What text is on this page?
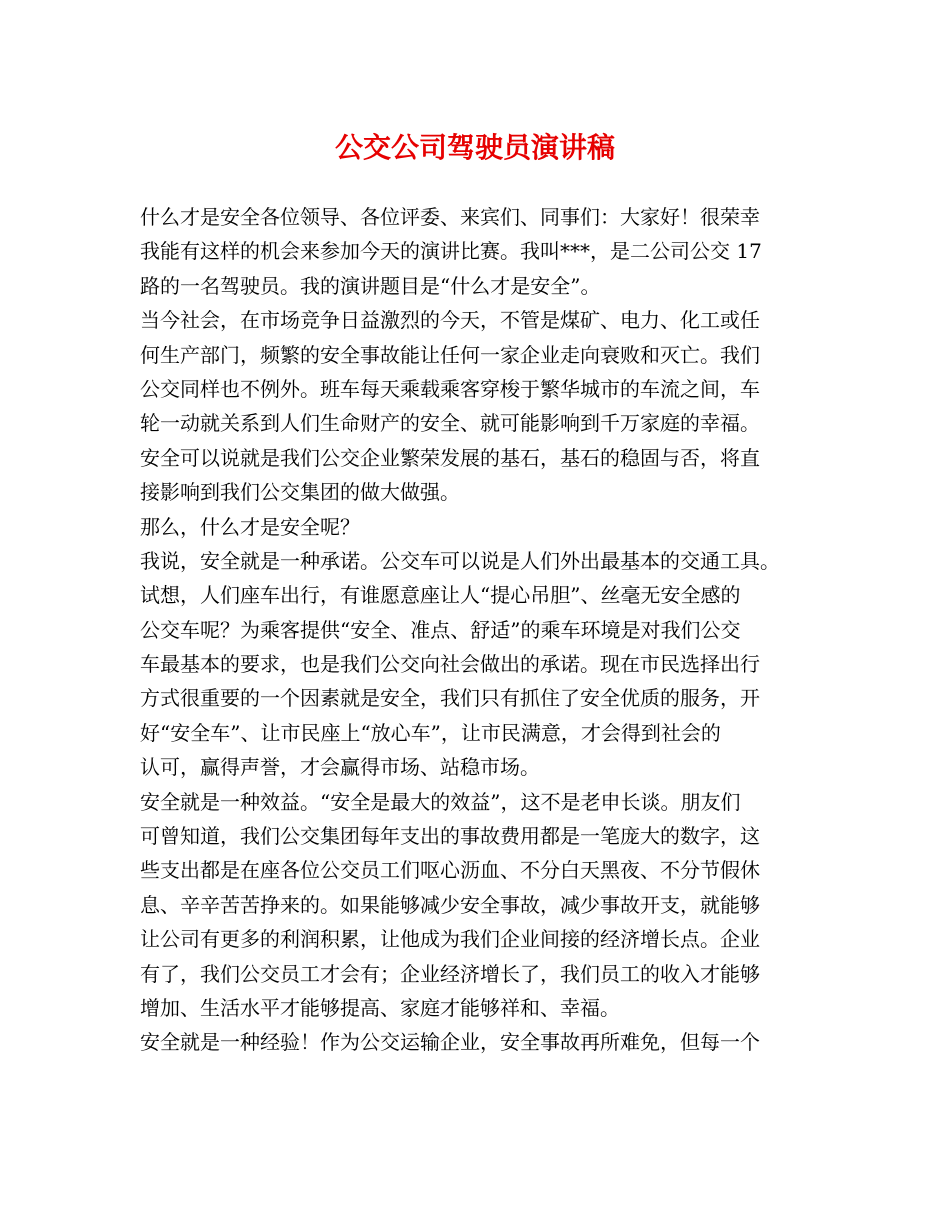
公交公司驾驶员演讲稿
什么才是安全各位领导、各位评委、来宾们、同事们：大家好！很荣幸
我能有这样的机会来参加今天的演讲比赛。我叫***，是二公司公交 17
路的一名驾驶员。我的演讲题目是“什么才是安全”。
当今社会，在市场竞争日益激烈的今天，不管是煤矿、电力、化工或任
何生产部门，频繁的安全事故能让任何一家企业走向衰败和灭亡。我们
公交同样也不例外。班车每天乘载乘客穿梭于繁华城市的车流之间，车
轮一动就关系到人们生命财产的安全、就可能影响到千万家庭的幸福。
安全可以说就是我们公交企业繁荣发展的基石，基石的稳固与否，将直
接影响到我们公交集团的做大做强。
那么，什么才是安全呢？
我说，安全就是一种承诺。公交车可以说是人们外出最基本的交通工具。
试想，人们座车出行，有谁愿意座让人“提心吊胆”、丝毫无安全感的
公交车呢？为乘客提供“安全、准点、舒适”的乘车环境是对我们公交
车最基本的要求，也是我们公交向社会做出的承诺。现在市民选择出行
方式很重要的一个因素就是安全，我们只有抓住了安全优质的服务，开
好“安全车”、让市民座上“放心车”，让市民满意，才会得到社会的
认可，赢得声誉，才会赢得市场、站稳市场。
安全就是一种效益。“安全是最大的效益”，这不是老申长谈。朋友们
可曾知道，我们公交集团每年支出的事故费用都是一笔庞大的数字，这
些支出都是在座各位公交员工们呕心沥血、不分白天黑夜、不分节假休
息、辛辛苦苦挣来的。如果能够减少安全事故，减少事故开支，就能够
让公司有更多的利润积累，让他成为我们企业间接的经济增长点。企业
有了，我们公交员工才会有；企业经济增长了，我们员工的收入才能够
增加、生活水平才能够提高、家庭才能够祥和、幸福。
安全就是一种经验！作为公交运输企业，安全事故再所难免，但每一个
